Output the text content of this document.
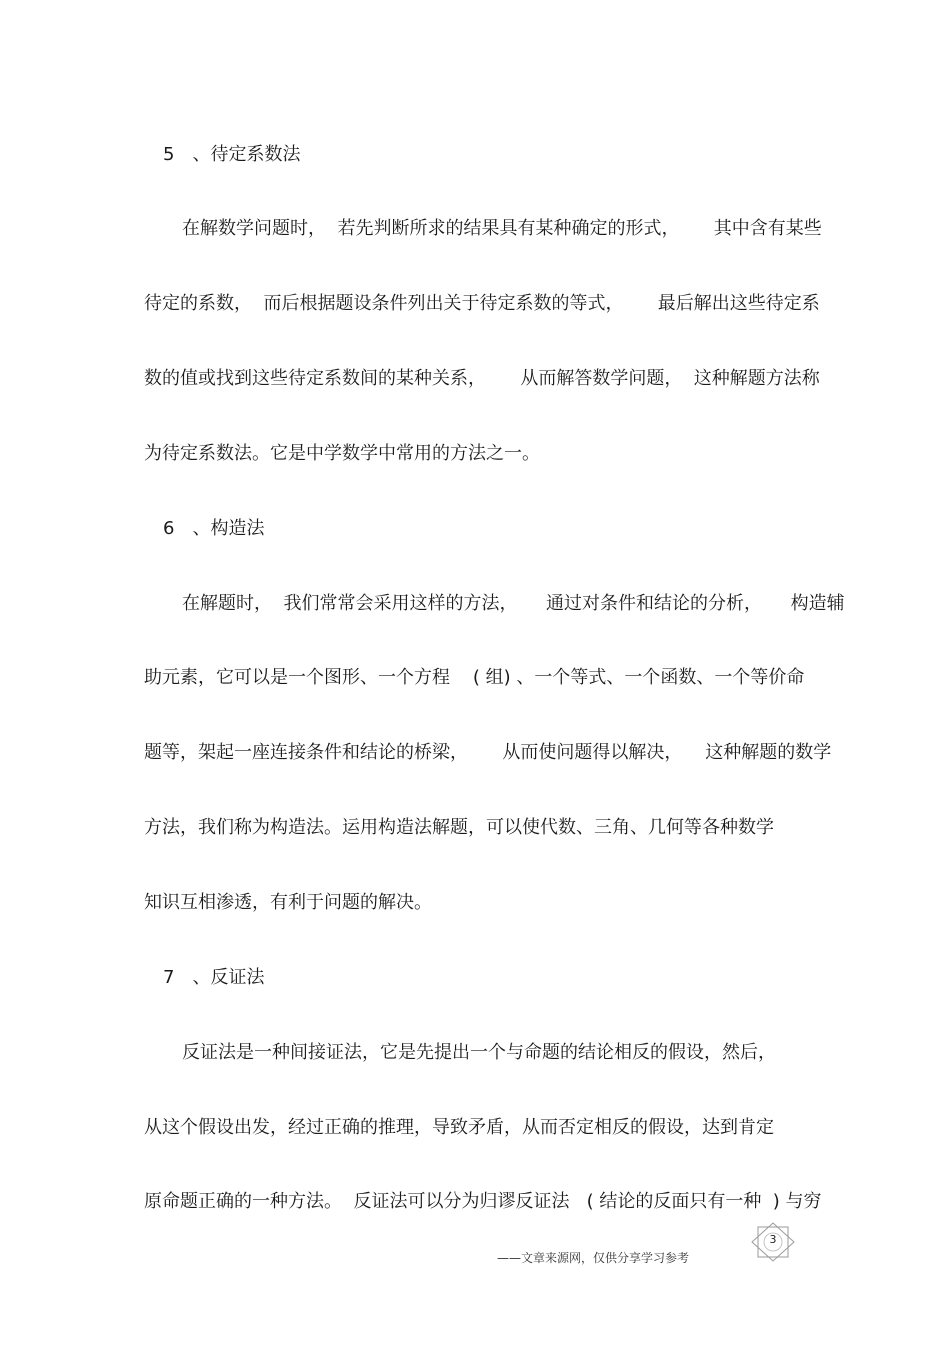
5　、待定系数法
在解数学问题时，  若先判断所求的结果具有某种确定的形式，      其中含有某些
待定的系数，  而后根据题设条件列出关于待定系数的等式，      最后解出这些待定系
数的值或找到这些待定系数间的某种关系，      从而解答数学问题，  这种解题方法称
为待定系数法。它是中学数学中常用的方法之一。
6　、构造法
在解题时，  我们常常会采用这样的方法，     通过对条件和结论的分析，     构造辅
助元素，它可以是一个图形、一个方程    ( 组) 、一个等式、一个函数、一个等价命
题等，架起一座连接条件和结论的桥梁，      从而使问题得以解决，    这种解题的数学
方法，我们称为构造法。运用构造法解题，可以使代数、三角、几何等各种数学
知识互相渗透，有利于问题的解决。
7　、反证法
反证法是一种间接证法，它是先提出一个与命题的结论相反的假设，然后，
从这个假设出发，经过正确的推理，导致矛盾，从而否定相反的假设，达到肯定
原命题正确的一种方法。  反证法可以分为归谬反证法   ( 结论的反面只有一种  ) 与穷
——文章来源网，仅供分享学习参考
3
